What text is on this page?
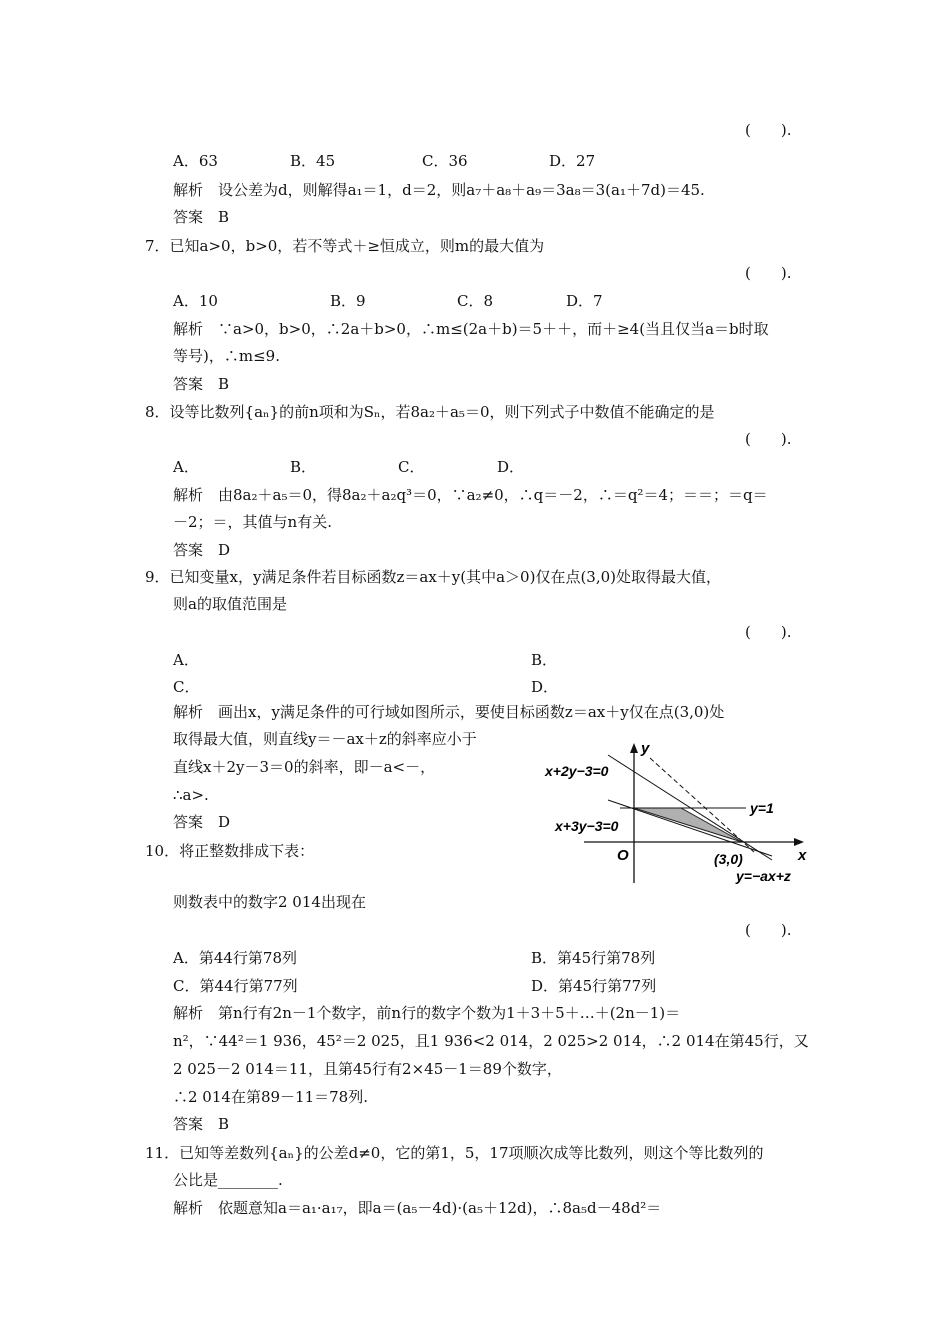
(　　).
A．63	B．45	C．36	D．27
解析　设公差为d，则解得a₁＝1，d＝2，则a₇＋a₈＋a₉＝3a₈＝3(a₁＋7d)＝45.
答案　B
7．已知a>0，b>0，若不等式＋≥恒成立，则m的最大值为
(　　).
A．10	B．9	C．8	D．7
解析　∵a>0，b>0，∴2a＋b>0，∴m≤(2a＋b)＝5＋＋，而＋≥4(当且仅当a＝b时取
等号)，∴m≤9.
答案　B
8．设等比数列{aₙ}的前n项和为Sₙ，若8a₂＋a₅＝0，则下列式子中数值不能确定的是
(　　).
A．	B．	C．	D．
解析　由8a₂＋a₅＝0，得8a₂＋a₂q³＝0，∵a₂≠0，∴q＝－2，∴＝q²＝4；＝＝；＝q＝
－2；＝，其值与n有关.
答案　D
9．已知变量x，y满足条件若目标函数z＝ax＋y(其中a＞0)仅在点(3,0)处取得最大值，
则a的取值范围是
(　　).
A．	B．
C．	D．
解析　画出x，y满足条件的可行域如图所示，要使目标函数z＝ax＋y仅在点(3,0)处
取得最大值，则直线y＝－ax＋z的斜率应小于
直线x＋2y－3＝0的斜率，即－a<－，
∴a>.
答案　D
y
x
O
x+2y−3=0
y=1
x+3y−3=0
(3,0)
y=−ax+z
10．将正整数排成下表：
则数表中的数字2 014出现在
(　　).
A．第44行第78列	B．第45行第78列
C．第44行第77列	D．第45行第77列
解析　第n行有2n－1个数字，前n行的数字个数为1＋3＋5＋…＋(2n－1)＝
n²，∵44²＝1 936，45²＝2 025，且1 936<2 014，2 025>2 014，∴2 014在第45行，又
2 025－2 014＝11，且第45行有2×45－1＝89个数字，
∴2 014在第89－11＝78列.
答案　B
11．已知等差数列{aₙ}的公差d≠0，它的第1，5，17项顺次成等比数列，则这个等比数列的
公比是________.
解析　依题意知a＝a₁·a₁₇，即a＝(a₅－4d)·(a₅＋12d)，∴8a₅d－48d²＝
